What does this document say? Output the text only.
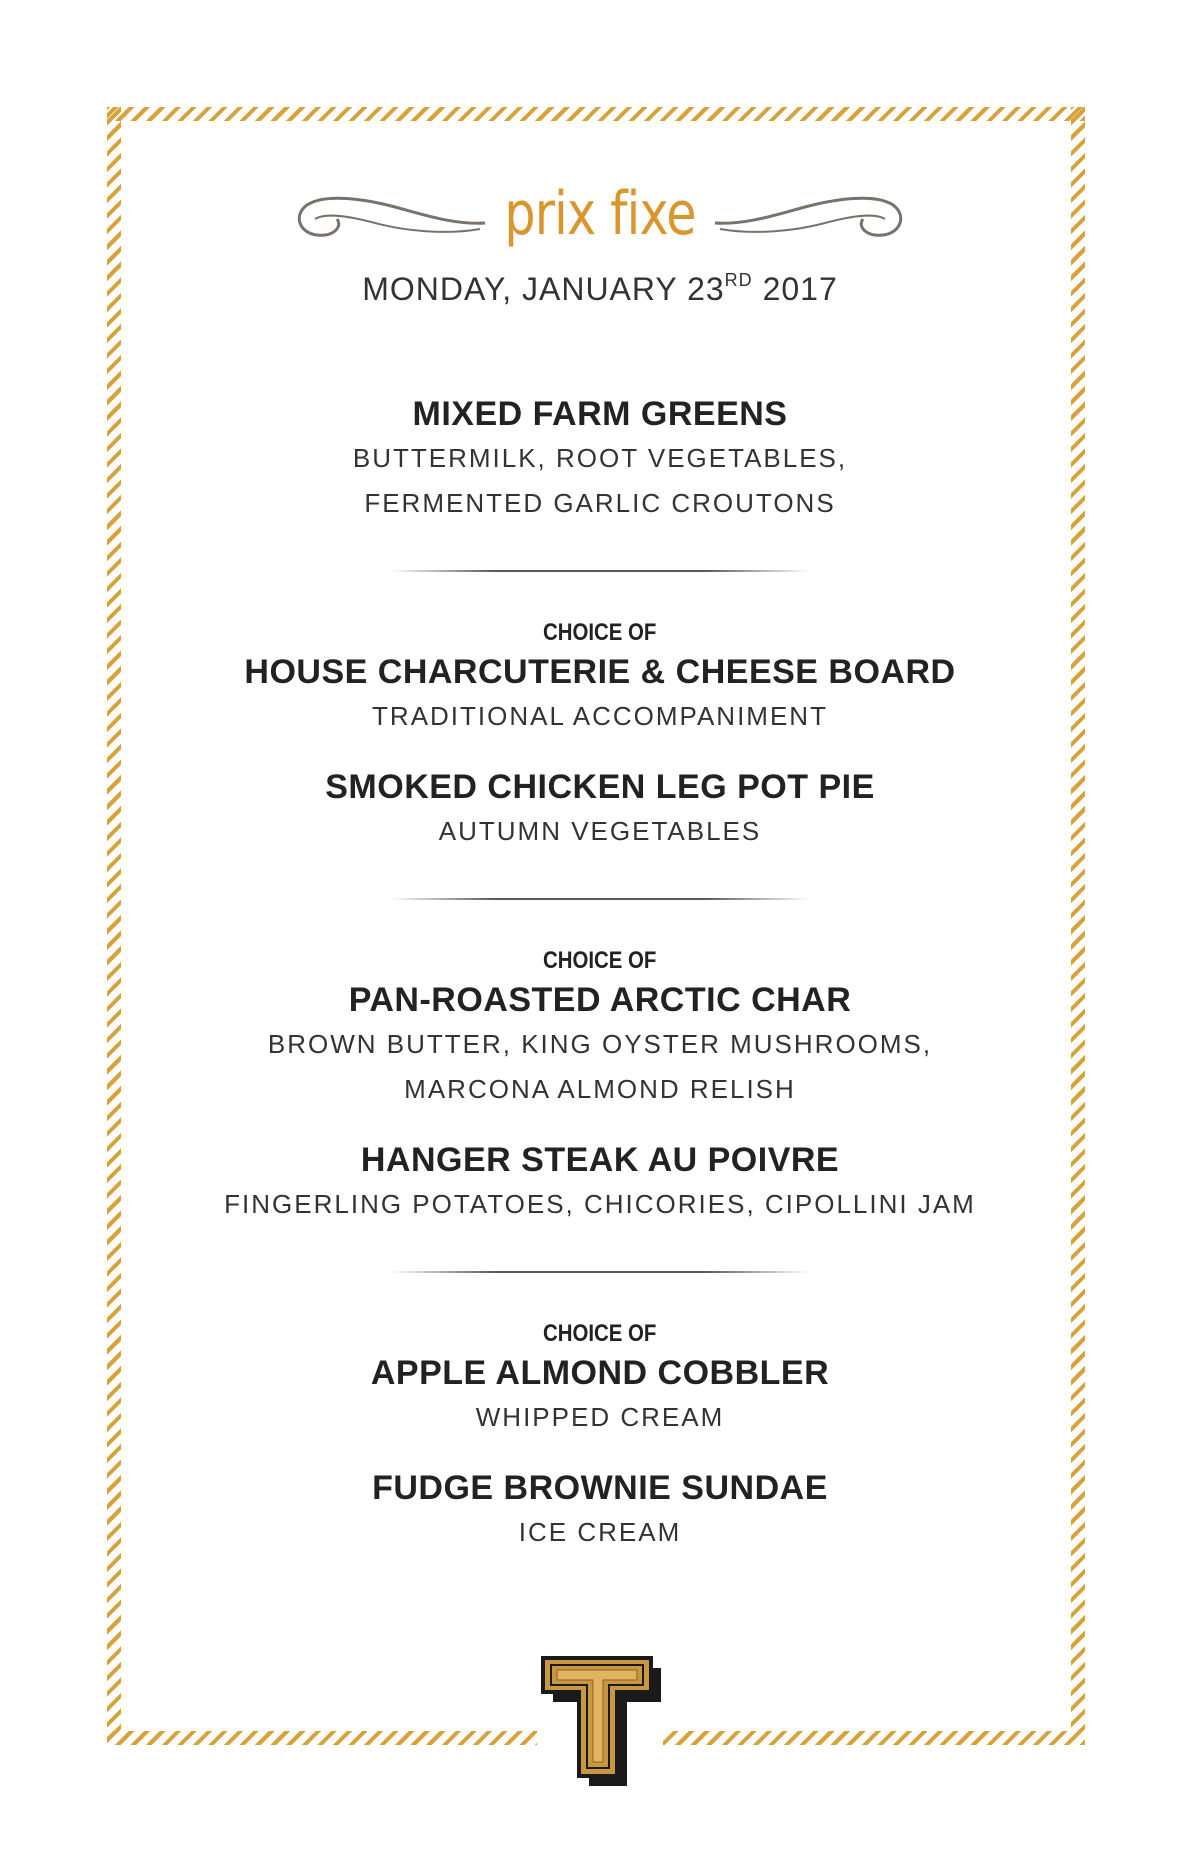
prix fixe
MONDAY, JANUARY 23RD 2017
MIXED FARM GREENS
BUTTERMILK, ROOT VEGETABLES,
FERMENTED GARLIC CROUTONS
CHOICE OF
HOUSE CHARCUTERIE & CHEESE BOARD
TRADITIONAL ACCOMPANIMENT
SMOKED CHICKEN LEG POT PIE
AUTUMN VEGETABLES
CHOICE OF
PAN-ROASTED ARCTIC CHAR
BROWN BUTTER, KING OYSTER MUSHROOMS,
MARCONA ALMOND RELISH
HANGER STEAK AU POIVRE
FINGERLING POTATOES, CHICORIES, CIPOLLINI JAM
CHOICE OF
APPLE ALMOND COBBLER
WHIPPED CREAM
FUDGE BROWNIE SUNDAE
ICE CREAM
